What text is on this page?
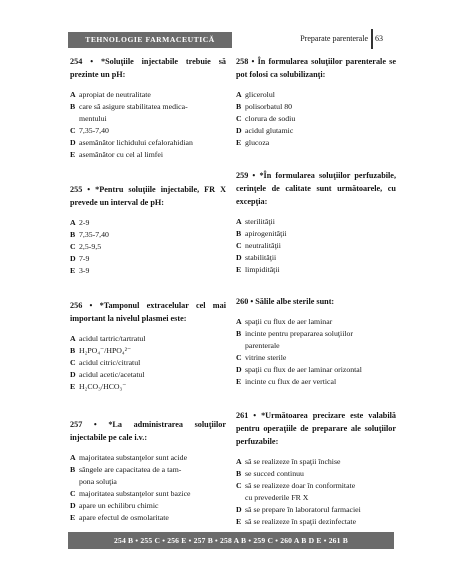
TEHNOLOGIE FARMACEUTICĂ	Preparate parenterale 63

254 • *Soluţiile injectabile trebuie să prezinte un pH:

A apropiat de neutralitate
B care să asigure stabilitatea medica-
mentului
C 7,35-7,40
D asemănător lichidului cefalorahidian
E asemănător cu cel al limfei

255 • *Pentru soluţiile injectabile, FR X prevede un interval de pH:

A 2-9
B 7,35-7,40
C 2,5-9,5
D 7-9
E 3-9

256 • *Tamponul extracelular cel mai important la nivelul plasmei este:

A acidul tartric/tartratul
B H₂PO₄⁻/HPO₄²⁻
C acidul citric/citratul
D acidul acetic/acetatul
E H₂CO₃/HCO₃⁻

257 • *La administrarea soluţiilor injectabile pe cale i.v.:

A majoritatea substanţelor sunt acide
B sângele are capacitatea de a tam-
pona soluţia
C majoritatea substanţelor sunt bazice
D apare un echilibru chimic
E apare efectul de osmolaritate

258 • În formularea soluţiilor parenterale se pot folosi ca solubilizanţi:

A glicerolul
B polisorbatul 80
C clorura de sodiu
D acidul glutamic
E glucoza

259 • *În formularea soluţiilor perfuzabile, cerinţele de calitate sunt următoarele, cu excepţia:

A sterilităţii
B apirogenităţii
C neutralităţii
D stabilităţii
E limpidităţii

260 • Sălile albe sterile sunt:

A spaţii cu flux de aer laminar
B incinte pentru prepararea soluţiilor
parenterale
C vitrine sterile
D spaţii cu flux de aer laminar orizontal
E incinte cu flux de aer vertical

261 • *Următoarea precizare este valabilă pentru operaţiile de preparare ale soluţiilor perfuzabile:

A să se realizeze în spaţii închise
B se succed continuu
C să se realizeze doar în conformitate
cu prevederile FR X
D să se prepare în laboratorul farmaciei
E să se realizeze în spaţii dezinfectate
254 B • 255 C • 256 E • 257 B • 258 A B • 259 C • 260 A B D E • 261 B
